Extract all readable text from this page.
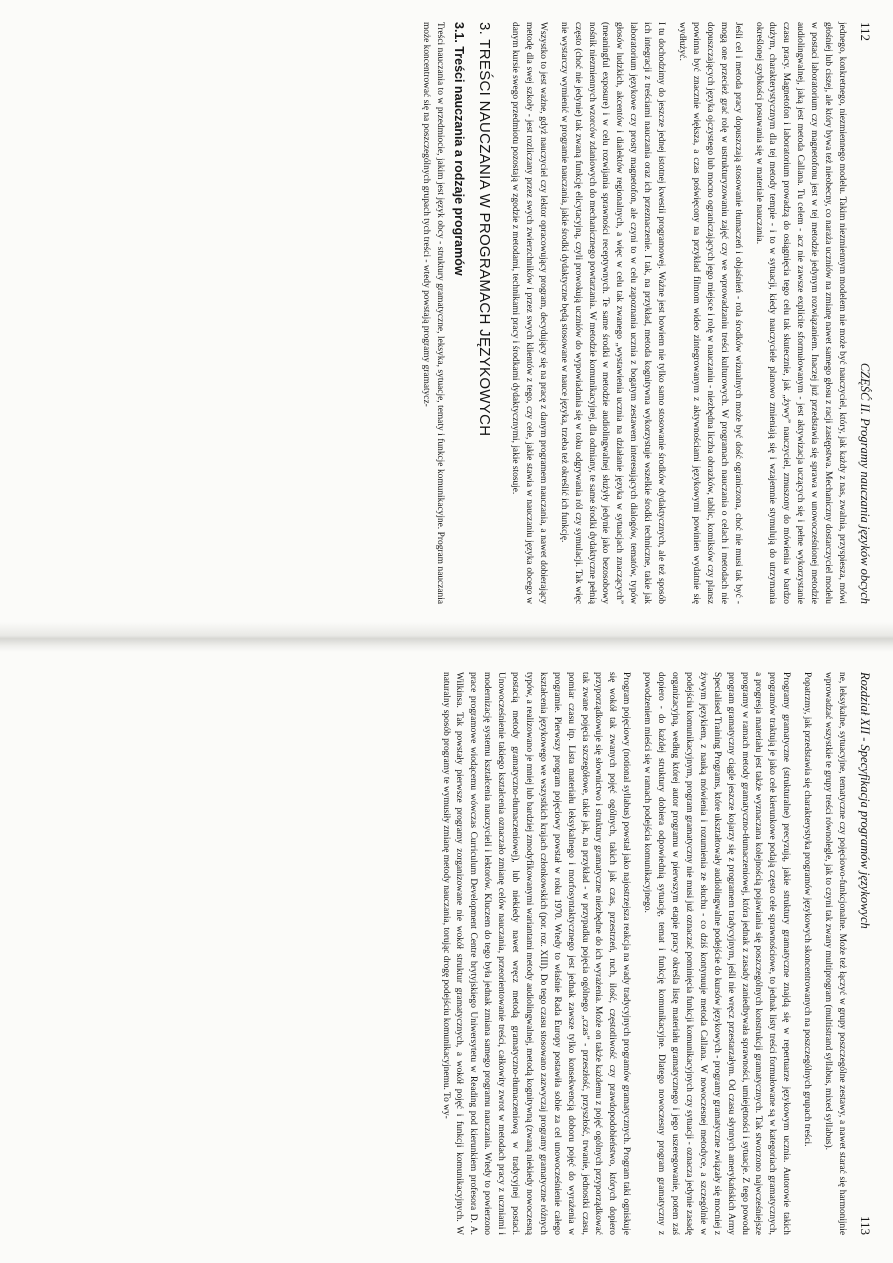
112
CZĘŚĆ II. Programy nauczania języków obcych

jednego, konkretnego, niezmiennego modelu. Takim niezmiennym modelem nie może być nauczyciel, który, jak każdy z nas, zwalnia, przyspiesza, mówi głośniej lub ciszej, ale który bywa też nieobecny, co naraża uczniów na zmianę nawet samego głosu z racji zastępstwa. Mechaniczny dostarczyciel modelu w postaci laboratorium czy magnetofonu jest w tej metodzie jedynym rozwiązaniem. Inaczej już przedstawia się sprawa w unowocześnionej metodzie audiolingwalnej, jaką jest metoda Callana. Tu celem - acz nie zawsze explicite sformułowanym - jest aktywizacja uczących się i pełne wykorzystanie czasu pracy. Magnetofon i laboratorium prowadzą do osiągnięcia tego celu tak skutecznie, jak „żywy” nauczyciel, zmuszony do mówienia w bardzo dużym, charakterystycznym dla tej metody tempie - i to w sytuacji, kiedy nauczyciele planowo zmieniają się i wzajemnie stymulują do utrzymania określonej szybkości posuwania się w materiale nauczania.

Jeśli cel i metoda pracy dopuszczają stosowanie tłumaczeń i objaśnień - rola środków wizualnych może być dość ograniczona, choć nie musi tak być - mogą one przecież grać rolę w ustrukturyzowaniu zajęć czy we wprowadzaniu treści kulturowych. W programach nauczania o celach i metodach nie dopuszczających języka ojczystego lub mocno ograniczających jego miejsce i rolę w nauczaniu - niezbędna liczba obrazków, tablic, komiksów czy plansz powinna być znacznie większa, a czas poświęcony na przykład filmom wideo zintegrowanym z aktywnościami językowymi powinien wydatnie się wydłużyć.

I tu dochodzimy do jeszcze jednej istotnej kwestii programowej. Ważne jest bowiem nie tylko samo stosowanie środków dydaktycznych, ale też sposób ich integracji z treściami nauczania oraz ich przeznaczenie. I tak, na przykład, metoda kognitywna wykorzystuje wszelkie środki techniczne, takie jak laboratorium językowe czy prosty magnetofon, ale czyni to w celu zapoznania ucznia z bogatym zestawem interesujących dialogów, tematów, typów głosów ludzkich, akcentów i dialektów regionalnych, a więc w celu tak zwanego „wystawienia ucznia na działanie języka w sytuacjach znaczących” (meaningful exposure) i w celu rozwijania sprawności receptywnych. Te same środki w metodzie audiolingwalnej służyły jedynie jako bezosobowy nośnik niezmiennych wzorców zdaniowych do mechanicznego powtarzania. W metodzie komunikacyjnej, dla odmiany, te same środki dydaktyczne pełnią często (choć nie jedynie) tak zwaną funkcję elicytacyjną, czyli prowokują uczniów do wypowiadania się w toku odgrywania ról czy symulacji. Tak więc nie wystarczy wymienić w programie nauczania, jakie środki dydaktyczne będą stosowane w nauce języka, trzeba też określić ich funkcję.

Wszystko to jest ważne, gdyż nauczyciel czy lektor opracowujący program, decydujący się na pracę z danym programem nauczania, a nawet dobierający metodę dla swej szkoły - jest rozliczany przez swych zwierzchników i przez swych klientów z tego, czy cele, jakie stawia w nauczaniu języka obcego w danym kursie swego przedmiotu pozostają w zgodzie z metodami, technikami pracy i środkami dydaktycznymi, jakie stosuje.

3. TREŚCI NAUCZANIA W PROGRAMACH JĘZYKOWYCH
3.1. Treści nauczania a rodzaje programów

Treści nauczania to w przedmiocie, jakim jest język obcy - struktury gramatyczne, leksyka, sytuacje, tematy i funkcje komunikacyjne. Program nauczania może koncentrować się na poszczególnych grupach tych treści - wtedy powstają programy gramatycz-

Rozdział XII - Specyfikacja programów językowych
113

ne, leksykalne, sytuacyjne, tematyczne czy pojęciowo-funkcjonalne. Może też łączyć w grupy poszczególne zestawy, a nawet starać się harmonijnie wprowadzać wszystkie te grupy treści równolegle, jak to czyni tak zwany multiprogram (multistrand syllabus, mixed syllabus).

Popatrzmy, jak przedstawia się charakterystyka programów językowych skoncentrowanych na poszczególnych grupach treści.

Programy gramatyczne (strukturalne) precyzują, jakie struktury gramatyczne znajdą się w repertuarze językowym ucznia. Autorowie takich programów traktują je jako cele kierunkowe podają często cele sprawnościowe, to jednak listy treści formułowane są w kategoriach gramatycznych, a progresja materiału jest także wyznaczana kolejnością pojawiania się poszczególnych konstrukcji gramatycznych. Tak stworzono najwcześniejsze programy w ramach metody gramatyczno-tłumaczeniowej, która jednak z zasady zaniedbywała sprawności, umiejętności i sytuacje. Z tego powodu program gramatyczny ciągle jeszcze kojarzy się z programem tradycyjnym, jeśli nie wręcz przestarzałym. Od czasu słynnych amerykańskich Army Specialised Training Programs, które ukształtowały audiolingwalne podejście do kursów językowych - programy gramatyczne związały się mocniej z żywym językiem, z nauką mówienia i rozumienia ze słuchu - co dziś kontynuuje metoda Callana. W nowoczesnej metodyce, a szczególnie w podejściu komunikacyjnym, program gramatyczny nie musi już oznaczać pominięcia funkcji komunikacyjnych czy sytuacji - oznacza jedynie zasadę organizacyjną, według której autor programu w pierwszym etapie pracy określa listę materiału gramatycznego i jego uszeregowanie, potem zaś dopiero - do każdej struktury dobiera odpowiednią sytuację, temat i funkcję komunikacyjne. Dlatego nowoczesny program gramatyczny z powodzeniem mieści się w ramach podejścia komunikacyjnego.

Program pojęciowy (notional syllabus) powstał jako najostrzejsza reakcja na wady tradycyjnych programów gramatycznych. Program taki ogniskuje się wokół tak zwanych pojęć ogólnych, takich jak czas, przestrzeń, ruch, ilość, częstotliwość czy prawdopodobieństwo, których dopiero przyporządkowuje się słownictwo i struktury gramatyczne niezbędne do ich wyrażenia. Może on także każdemu z pojęć ogólnych przyporządkować tak zwane pojęcia szczegółowe, takie jak, na przykład - w przypadku pojęcia ogólnego „czas” - przeszłość, przyszłość, trwanie, jednostki czasu, pomiar czasu itp. Lista materiału leksykalnego i morfosyntaktycznego jest jednak zawsze tylko konsekwencją doboru pojęć do wyrażenia w programie. Pierwszy program pojęciowy powstał w roku 1970. Wtedy to właśnie Rada Europy postawiła sobie za cel unowocześnienie całego kształcenia językowego we wszystkich krajach członkowskich (por. roz. XIII). Do tego czasu stosowano zazwyczaj programy gramatyczne różnych typów, a realizowano je mniej lub bardziej zmodyfikowanymi wariantami metody audiolingwalnej, metodą kognitywną (zwaną niekiedy nowoczesną postacią metody gramatyczno-tłumaczeniowej), lub niekiedy nawet wręcz metodą gramatyczno-tłumaczeniową w tradycyjnej postaci. Unowocześnienie takiego kształcenia oznaczało zmianę celów nauczania, przeorientowanie treści, całkowity zwrot w metodach pracy z uczniami i modernizację systemu kształcenia nauczycieli i lektorów. Kluczem do tego była jednak zmiana samego programu nauczania. Wtedy to powierzono prace programowe wiodącemu wówczas Curriculum Development Centre brytyjskiego Uniwersytetu w Reading pod kierunkiem profesora D. A. Wilkinsa. Tak powstały pierwsze programy zorganizowane nie wokół struktur gramatycznych, a wokół pojęć i funkcji komunikacyjnych. W naturalny sposób programy te wymusiły zmianę metody nauczania, torując drogę podejściu komunikacyjnemu. To wy-
